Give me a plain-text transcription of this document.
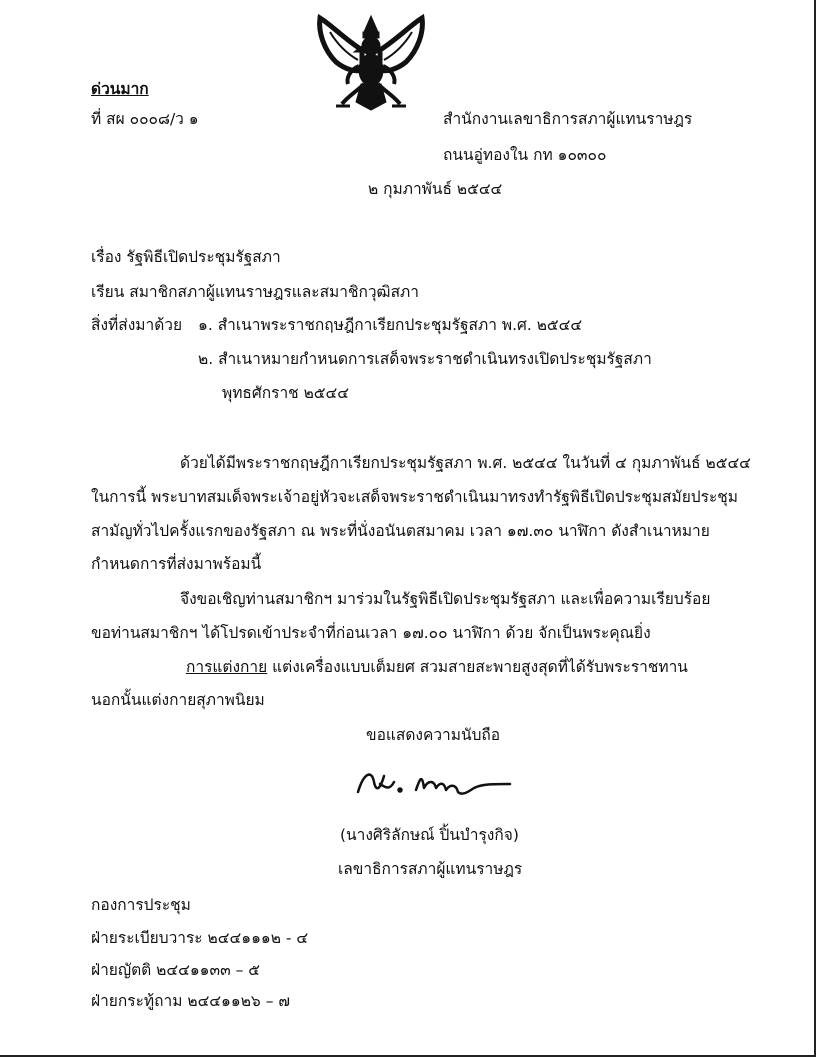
ด่วนมาก
ที่ สผ ๐๐๐๘/ว ๑	สำนักงานเลขาธิการสภาผู้แทนราษฎร
ถนนอู่ทองใน กท ๑๐๓๐๐
๒ กุมภาพันธ์ ๒๕๔๔
เรื่อง รัฐพิธีเปิดประชุมรัฐสภา
เรียน สมาชิกสภาผู้แทนราษฎรและสมาชิกวุฒิสภา
สิ่งที่ส่งมาด้วย ๑. สำเนาพระราชกฤษฎีกาเรียกประชุมรัฐสภา พ.ศ. ๒๕๔๔
๒. สำเนาหมายกำหนดการเสด็จพระราชดำเนินทรงเปิดประชุมรัฐสภา
พุทธศักราช ๒๕๔๔
ด้วยได้มีพระราชกฤษฎีกาเรียกประชุมรัฐสภา พ.ศ. ๒๕๔๔ ในวันที่ ๔ กุมภาพันธ์ ๒๕๔๔
ในการนี้ พระบาทสมเด็จพระเจ้าอยู่หัวจะเสด็จพระราชดำเนินมาทรงทำรัฐพิธีเปิดประชุมสมัยประชุม
สามัญทั่วไปครั้งแรกของรัฐสภา ณ พระที่นั่งอนันตสมาคม เวลา ๑๗.๓๐ นาฬิกา ดังสำเนาหมาย
กำหนดการที่ส่งมาพร้อมนี้
จึงขอเชิญท่านสมาชิกฯ มาร่วมในรัฐพิธีเปิดประชุมรัฐสภา และเพื่อความเรียบร้อย
ขอท่านสมาชิกฯ ได้โปรดเข้าประจำที่ก่อนเวลา ๑๗.๐๐ นาฬิกา ด้วย จักเป็นพระคุณยิ่ง
การแต่งกาย แต่งเครื่องแบบเต็มยศ สวมสายสะพายสูงสุดที่ได้รับพระราชทาน
นอกนั้นแต่งกายสุภาพนิยม
ขอแสดงความนับถือ
(นางศิริลักษณ์ ปิ้นบำรุงกิจ)
เลขาธิการสภาผู้แทนราษฎร
กองการประชุม
ฝ่ายระเบียบวาระ ๒๔๔๑๑๑๒ - ๔
ฝ่ายญัตติ ๒๔๔๑๑๓๓ – ๕
ฝ่ายกระทู้ถาม ๒๔๔๑๑๒๖ – ๗
